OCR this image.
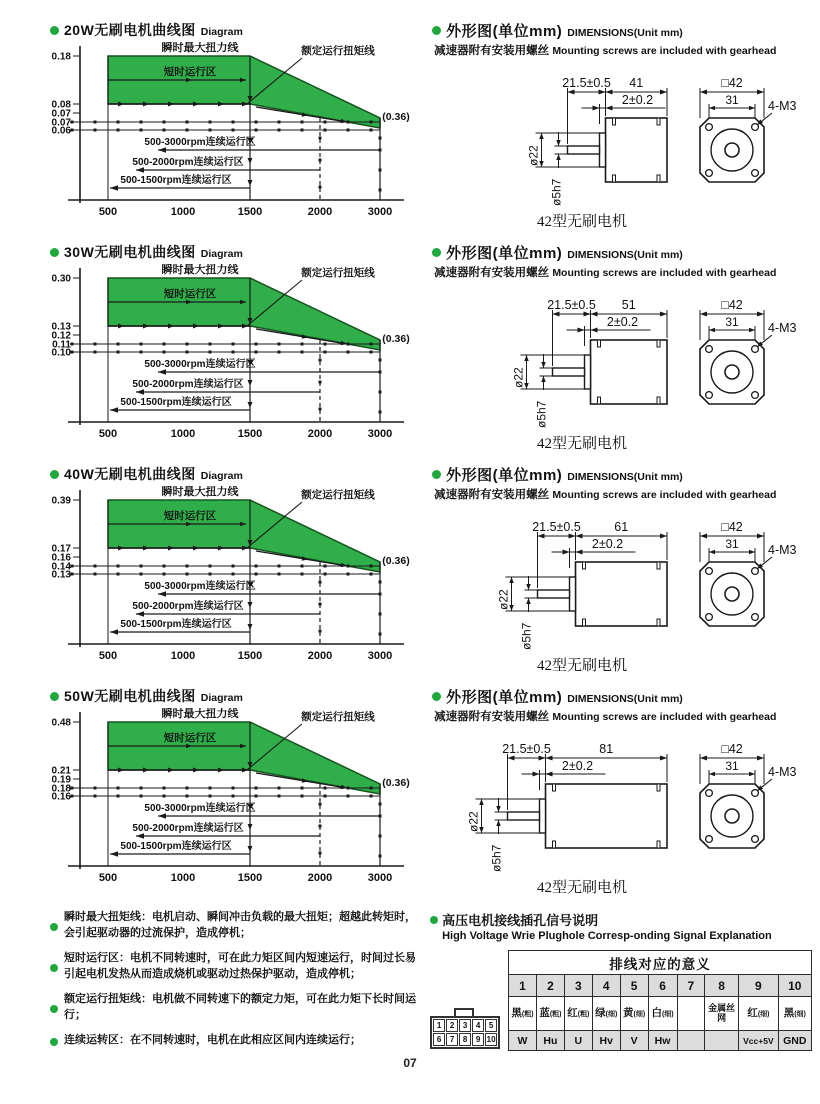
20W无刷电机曲线图 Diagram
500-3000rpm连续运行区
500-2000rpm连续运行区
500-1500rpm连续运行区
0.18
0.08
0.07
0.07
0.06
500	1000	1500	2000	3000
瞬时最大扭力线
短时运行区
额定运行扭矩线
(0.36)
30W无刷电机曲线图 Diagram
500-3000rpm连续运行区
500-2000rpm连续运行区
500-1500rpm连续运行区
0.30
0.13
0.12
0.11
0.10
500	1000	1500	2000	3000
瞬时最大扭力线
短时运行区
额定运行扭矩线
(0.36)
40W无刷电机曲线图 Diagram
500-3000rpm连续运行区
500-2000rpm连续运行区
500-1500rpm连续运行区
0.39
0.17
0.16
0.14
0.13
500	1000	1500	2000	3000
瞬时最大扭力线
短时运行区
额定运行扭矩线
(0.36)
50W无刷电机曲线图 Diagram
500-3000rpm连续运行区
500-2000rpm连续运行区
500-1500rpm连续运行区
0.48
0.21
0.19
0.18
0.16
500	1000	1500	2000	3000
瞬时最大扭力线
短时运行区
额定运行扭矩线
(0.36)
外形图(单位mm) DIMENSIONS(Unit mm)
减速器附有安装用螺丝 Mounting screws are included with gearhead
21.5±0.5 41
2±0.2
ø22
ø5h7
□42
31 4-M3
42型无刷电机
外形图(单位mm) DIMENSIONS(Unit mm)
减速器附有安装用螺丝 Mounting screws are included with gearhead
21.5±0.5 51
2±0.2
ø22
ø5h7
□42
31 4-M3
42型无刷电机
外形图(单位mm) DIMENSIONS(Unit mm)
减速器附有安装用螺丝 Mounting screws are included with gearhead
21.5±0.5	61
2±0.2
ø22
ø5h7
□42
31 4-M3
42型无刷电机
外形图(单位mm) DIMENSIONS(Unit mm)
减速器附有安装用螺丝 Mounting screws are included with gearhead
21.5±0.5	81
2±0.2
ø22
ø5h7
□42
31 4-M3
42型无刷电机
瞬时最大扭矩线：电机启动、瞬间冲击负载的最大扭矩；超越此转矩时，会引起驱动器的过流保护，造成停机；
短时运行区：电机不同转速时，可在此力矩区间内短速运行，时间过长易引起电机发热从而造成烧机或驱动过热保护驱动，造成停机；
额定运行扭矩线：电机做不同转速下的额定力矩，可在此力矩下长时间运行；
连续运转区：在不同转速时，电机在此相应区间内连续运行；
高压电机接线插孔信号说明
High Voltage Wrie Plughole Corresp-onding Signal Explanation
1	2	3	4	5
6	7	8	9 10
排线对应的意义									
1	2	3	4	5	6	7	8	9	10
黑(粗)	蓝(粗)	红(粗)	绿(细)	黄(细)	白(细)		金属丝网	红(细)	黑(细)
W	Hu	U	Hv	V	Hw			Vcc+5V	GND
07
